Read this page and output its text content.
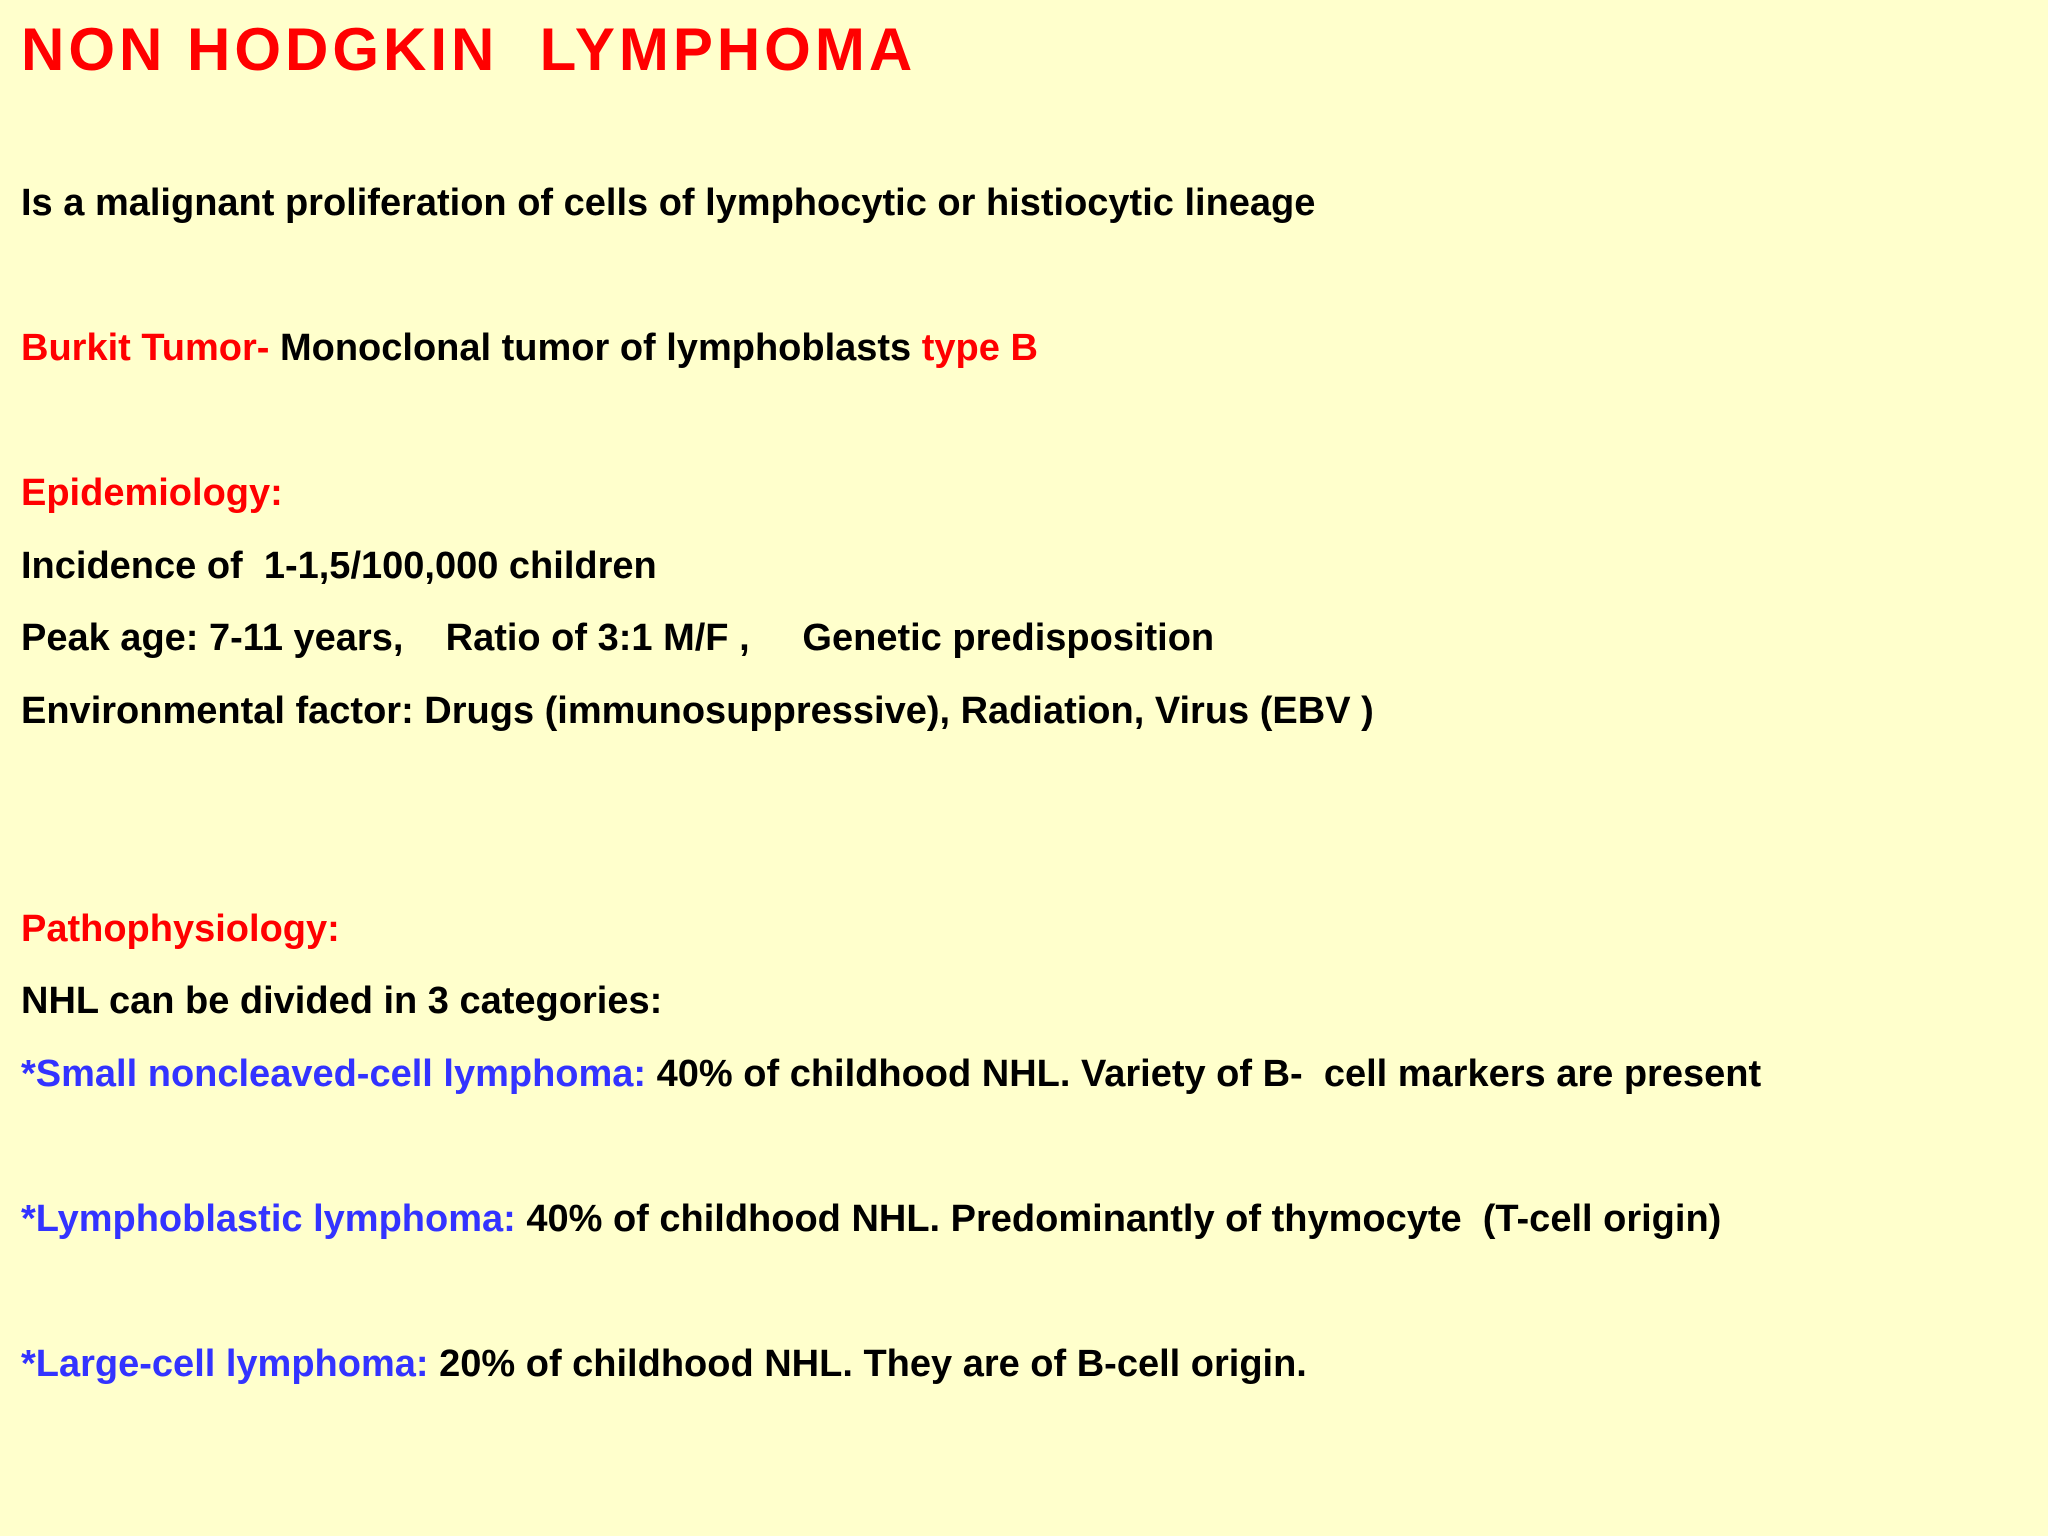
NON HODGKIN  LYMPHOMA
Is a malignant proliferation of cells of lymphocytic or histiocytic lineage
Burkit Tumor- Monoclonal tumor of lymphoblasts type B
Epidemiology:
Incidence of  1-1,5/100,000 children
Peak age: 7-11 years,    Ratio of 3:1 M/F ,     Genetic predisposition
Environmental factor: Drugs (immunosuppressive), Radiation, Virus (EBV )
Pathophysiology:
NHL can be divided in 3 categories:
*Small noncleaved-cell lymphoma: 40% of childhood NHL. Variety of B-  cell markers are present
*Lymphoblastic lymphoma: 40% of childhood NHL. Predominantly of thymocyte  (T-cell origin)
*Large-cell lymphoma: 20% of childhood NHL. They are of B-cell origin.
